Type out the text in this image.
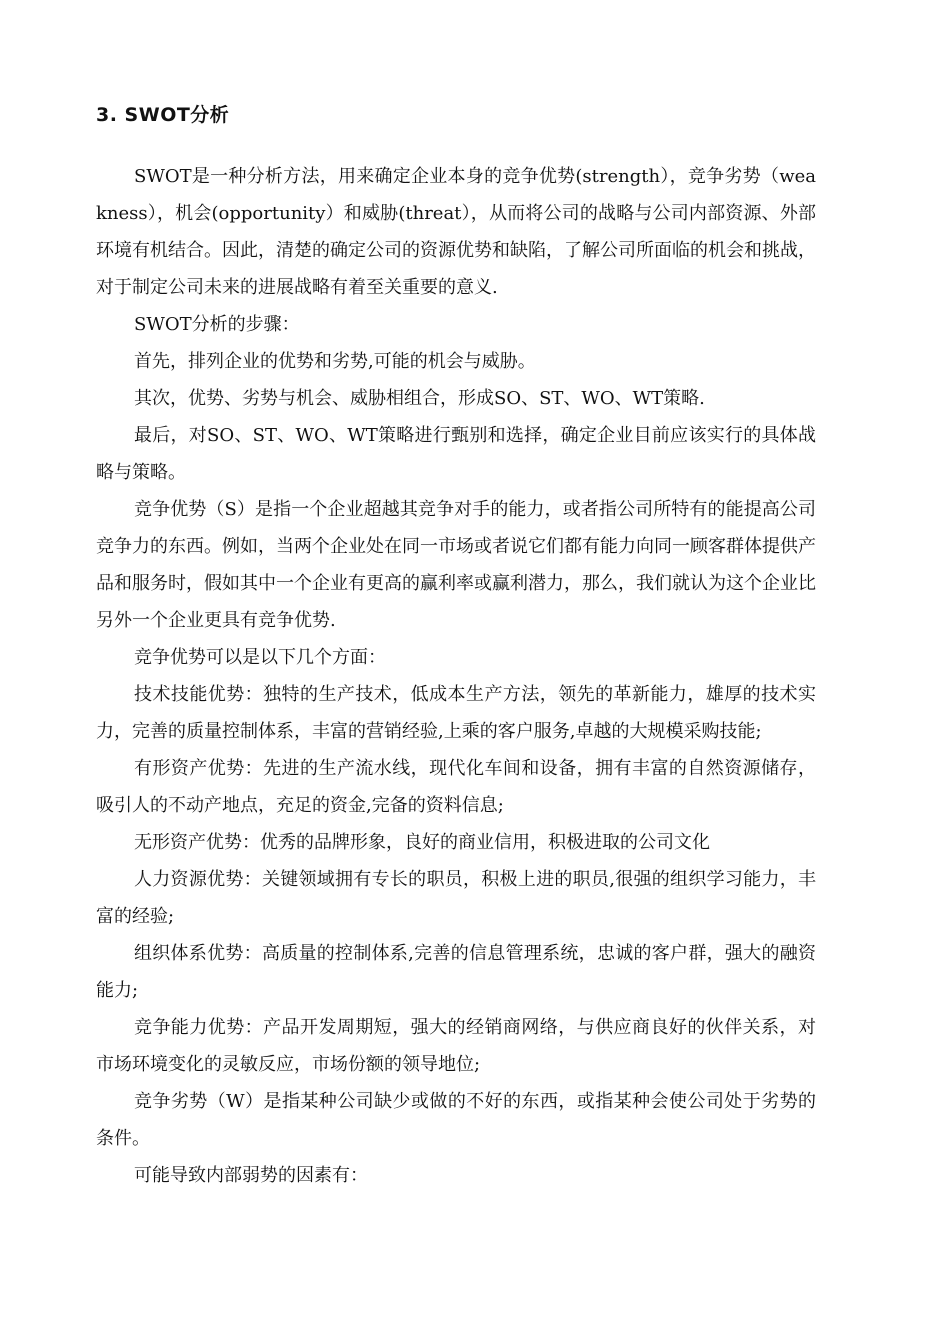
3. SWOT分析

SWOT是一种分析方法，用来确定企业本身的竞争优势(strength），竞争劣势（weakness），机会(opportunity）和威胁(threat），从而将公司的战略与公司内部资源、外部环境有机结合。因此，清楚的确定公司的资源优势和缺陷，了解公司所面临的机会和挑战，对于制定公司未来的进展战略有着至关重要的意义.

SWOT分析的步骤：

首先，排列企业的优势和劣势,可能的机会与威胁。

其次，优势、劣势与机会、威胁相组合，形成SO、ST、WO、WT策略.

最后，对SO、ST、WO、WT策略进行甄别和选择，确定企业目前应该实行的具体战略与策略。

竞争优势（S）是指一个企业超越其竞争对手的能力，或者指公司所特有的能提高公司竞争力的东西。例如，当两个企业处在同一市场或者说它们都有能力向同一顾客群体提供产品和服务时，假如其中一个企业有更高的赢利率或赢利潜力，那么，我们就认为这个企业比另外一个企业更具有竞争优势.

竞争优势可以是以下几个方面：

技术技能优势：独特的生产技术，低成本生产方法，领先的革新能力，雄厚的技术实力，完善的质量控制体系，丰富的营销经验,上乘的客户服务,卓越的大规模采购技能;

有形资产优势：先进的生产流水线，现代化车间和设备，拥有丰富的自然资源储存，吸引人的不动产地点，充足的资金,完备的资料信息;

无形资产优势：优秀的品牌形象，良好的商业信用，积极进取的公司文化

人力资源优势：关键领域拥有专长的职员，积极上进的职员,很强的组织学习能力，丰富的经验;

组织体系优势：高质量的控制体系,完善的信息管理系统，忠诚的客户群，强大的融资能力;

竞争能力优势：产品开发周期短，强大的经销商网络，与供应商良好的伙伴关系，对市场环境变化的灵敏反应，市场份额的领导地位;

竞争劣势（W）是指某种公司缺少或做的不好的东西，或指某种会使公司处于劣势的条件。

可能导致内部弱势的因素有：
